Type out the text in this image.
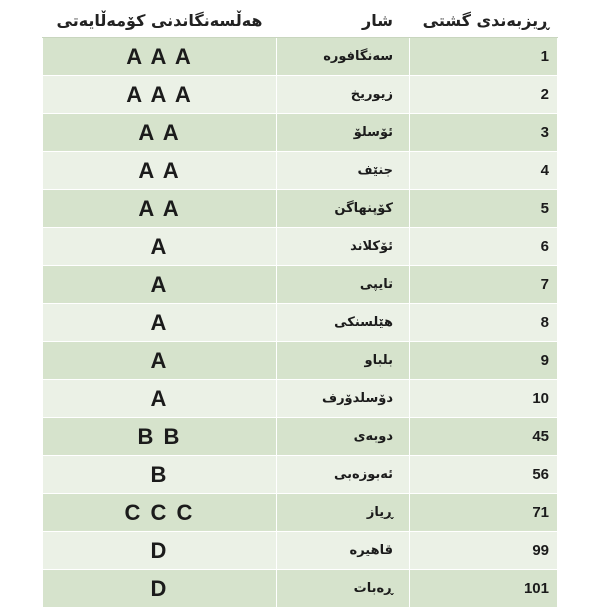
هەڵسەنگاندنی کۆمەڵایەتی	شار	ڕیزبەندی گشتی
A A A	سەنگافورە	1
A A A	زیوریخ	2
A A	ئۆسلۆ	3
A A	جنێف	4
A A	کۆپنهاگن	5
A	ئۆکلاند	6
A	تایپی	7
A	هێلسنکی	8
A	بلباو	9
A	دۆسلدۆرف	10
B B	دوبەی	45
B	ئەبوزەبی	56
C C C	ڕیاز	71
D	قاهیرە	99
D	ڕەبات	101
